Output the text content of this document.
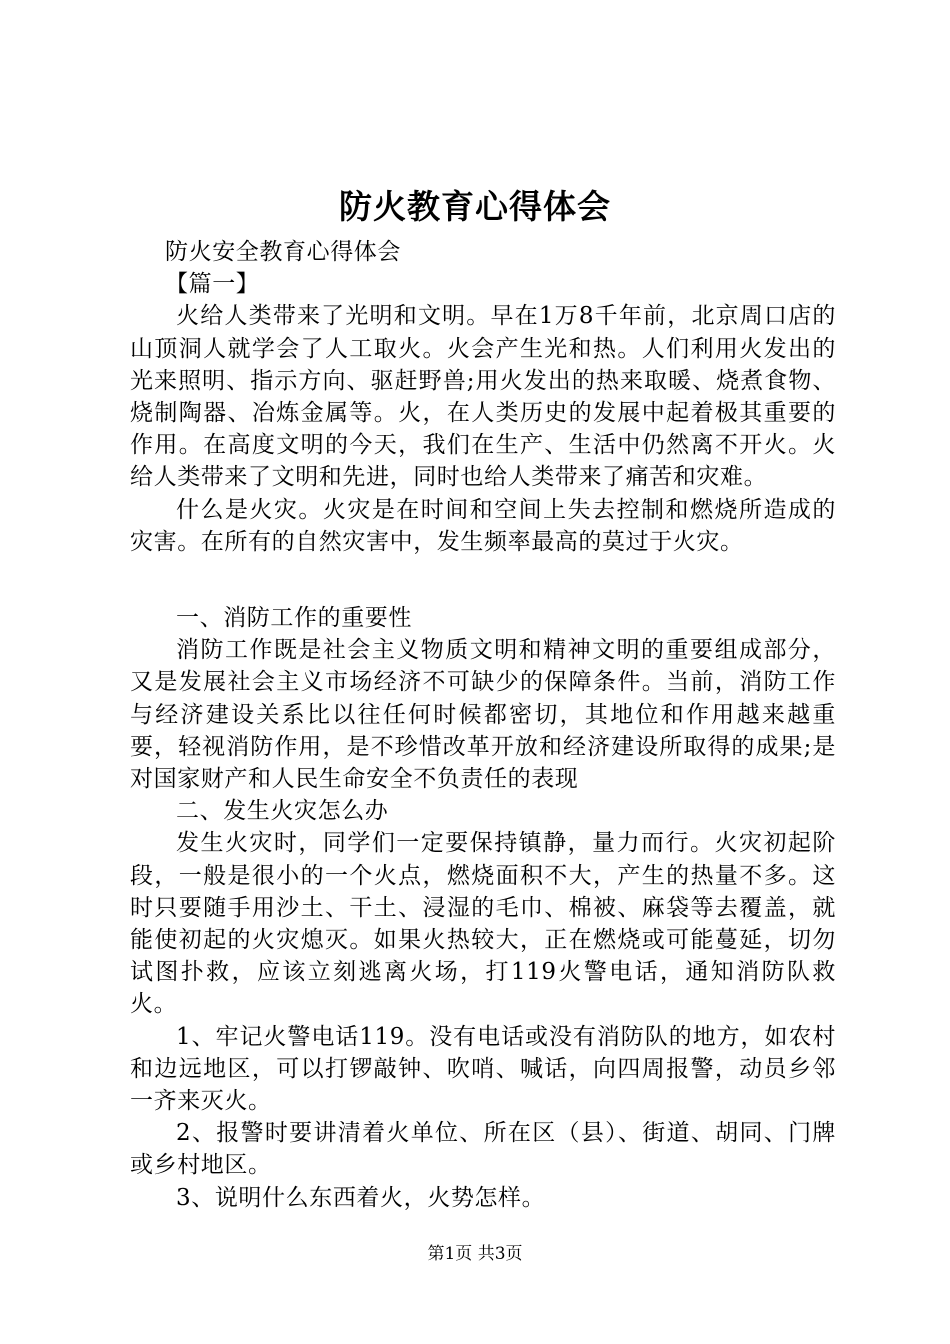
防火教育心得体会

防火安全教育心得体会

【篇一】

火给人类带来了光明和文明。早在1万8千年前，北京周口店的山顶洞人就学会了人工取火。火会产生光和热。人们利用火发出的光来照明、指示方向、驱赶野兽;用火发出的热来取暖、烧煮食物、烧制陶器、冶炼金属等。火，在人类历史的发展中起着极其重要的作用。在高度文明的今天，我们在生产、生活中仍然离不开火。火给人类带来了文明和先进，同时也给人类带来了痛苦和灾难。

什么是火灾。火灾是在时间和空间上失去控制和燃烧所造成的灾害。在所有的自然灾害中，发生频率最高的莫过于火灾。

一、消防工作的重要性

消防工作既是社会主义物质文明和精神文明的重要组成部分，又是发展社会主义市场经济不可缺少的保障条件。当前，消防工作与经济建设关系比以往任何时候都密切，其地位和作用越来越重要，轻视消防作用，是不珍惜改革开放和经济建设所取得的成果;是对国家财产和人民生命安全不负责任的表现

二、发生火灾怎么办

发生火灾时，同学们一定要保持镇静，量力而行。火灾初起阶段，一般是很小的一个火点，燃烧面积不大，产生的热量不多。这时只要随手用沙土、干土、浸湿的毛巾、棉被、麻袋等去覆盖，就能使初起的火灾熄灭。如果火热较大，正在燃烧或可能蔓延，切勿试图扑救，应该立刻逃离火场，打119火警电话，通知消防队救火。

1、牢记火警电话119。没有电话或没有消防队的地方，如农村和边远地区，可以打锣敲钟、吹哨、喊话，向四周报警，动员乡邻一齐来灭火。

2、报警时要讲清着火单位、所在区（县）、街道、胡同、门牌或乡村地区。

3、说明什么东西着火，火势怎样。

第1页 共3页
